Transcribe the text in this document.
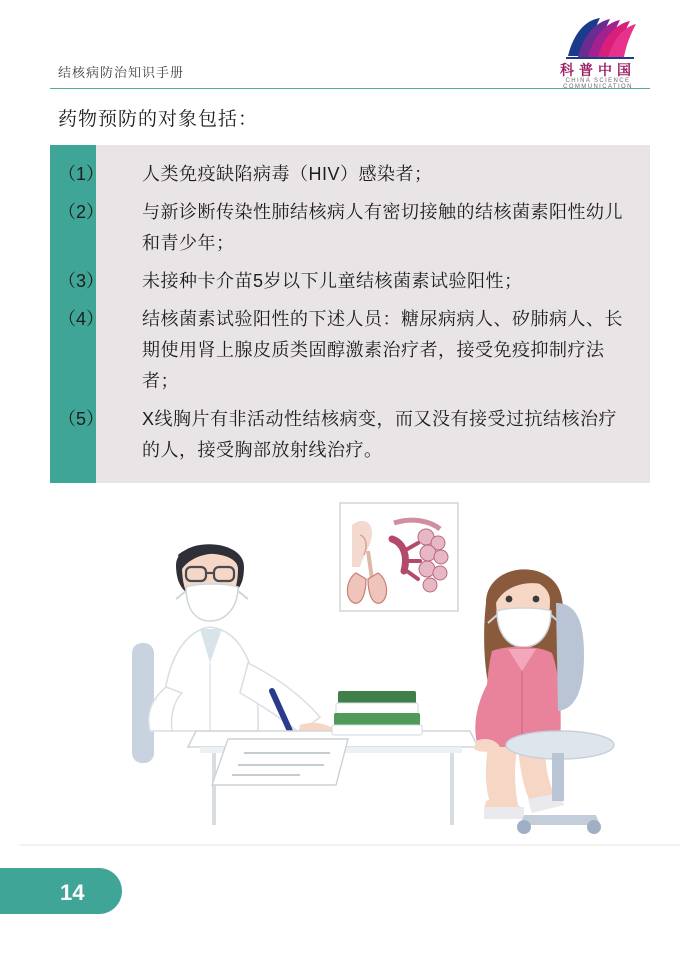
结核病防治知识手册	科普中国
CHINA SCIENCE COMMUNICATION
药物预防的对象包括：
（1）	人类免疫缺陷病毒（HIV）感染者；
（2）	与新诊断传染性肺结核病人有密切接触的结核菌素阳性幼儿和青少年；
（3）	未接种卡介苗5岁以下儿童结核菌素试验阳性；
（4）	结核菌素试验阳性的下述人员：糖尿病病人、矽肺病人、长期使用肾上腺皮质类固醇激素治疗者，接受免疫抑制疗法者；
（5）	X线胸片有非活动性结核病变，而又没有接受过抗结核治疗的人，接受胸部放射线治疗。
14
